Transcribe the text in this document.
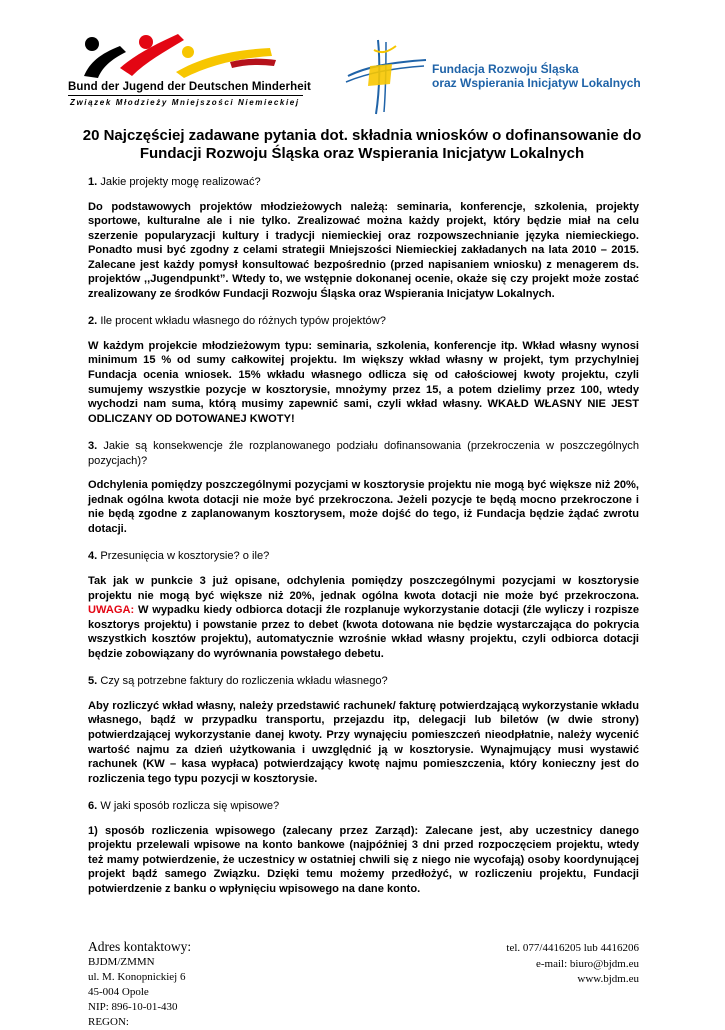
Bund der Jugend der Deutschen Minderheit
Związek Młodzieży Mniejszości Niemieckiej
Fundacja Rozwoju Śląska
oraz Wspierania Inicjatyw Lokalnych
20 Najczęściej zadawane pytania dot. składnia wniosków o dofinansowanie do
Fundacji Rozwoju Śląska oraz Wspierania Inicjatyw Lokalnych

1. Jakie projekty mogę realizować?

Do podstawowych projektów młodzieżowych należą: seminaria, konferencje, szkolenia, projekty sportowe, kulturalne ale i nie tylko. Zrealizować można każdy projekt, który będzie miał na celu szerzenie popularyzacji kultury i tradycji niemieckiej oraz rozpowszechnianie języka niemieckiego. Ponadto musi być zgodny z celami strategii Mniejszości Niemieckiej zakładanych na lata 2010 – 2015. Zalecane jest każdy pomysł konsultować bezpośrednio (przed napisaniem wniosku) z menagerem ds. projektów ,,Jugendpunkt”. Wtedy to, we wstępnie dokonanej ocenie, okaże się czy projekt może zostać zrealizowany ze środków Fundacji Rozwoju Śląska oraz Wspierania Inicjatyw Lokalnych.

2. Ile procent wkładu własnego do różnych typów projektów?

W każdym projekcie młodzieżowym typu: seminaria, szkolenia, konferencje itp. Wkład własny wynosi minimum 15 % od sumy całkowitej projektu. Im większy wkład własny w projekt, tym przychylniej Fundacja ocenia wniosek. 15% wkładu własnego odlicza się od całościowej kwoty projektu, czyli sumujemy wszystkie pozycje w kosztorysie, mnożymy przez 15, a potem dzielimy przez 100, wtedy wychodzi nam suma, którą musimy zapewnić sami, czyli wkład własny. WKAŁD WŁASNY NIE JEST ODLICZANY OD DOTOWANEJ KWOTY!

3. Jakie są konsekwencje źle rozplanowanego podziału dofinansowania (przekroczenia w poszczególnych pozycjach)?

Odchylenia pomiędzy poszczególnymi pozycjami w kosztorysie projektu nie mogą być większe niż 20%, jednak ogólna kwota dotacji nie może być przekroczona. Jeżeli pozycje te będą mocno przekroczone i nie będą zgodne z zaplanowanym kosztorysem, może dojść do tego, iż Fundacja będzie żądać zwrotu dotacji.

4. Przesunięcia w kosztorysie? o ile?

Tak jak w punkcie 3 już opisane, odchylenia pomiędzy poszczególnymi pozycjami w kosztorysie projektu nie mogą być większe niż 20%, jednak ogólna kwota dotacji nie może być przekroczona. UWAGA: W wypadku kiedy odbiorca dotacji źle rozplanuje wykorzystanie dotacji (źle wyliczy i rozpisze kosztorys projektu) i powstanie przez to debet (kwota dotowana nie będzie wystarczająca do pokrycia wszystkich kosztów projektu), automatycznie wzrośnie wkład własny projektu, czyli odbiorca dotacji będzie zobowiązany do wyrównania powstałego debetu.

5. Czy są potrzebne faktury do rozliczenia wkładu własnego?

Aby rozliczyć wkład własny, należy przedstawić rachunek/ fakturę potwierdzającą wykorzystanie wkładu własnego, bądź w przypadku transportu, przejazdu itp, delegacji lub biletów (w dwie strony) potwierdzającej wykorzystanie danej kwoty. Przy wynajęciu pomieszczeń nieodpłatnie, należy wycenić wartość najmu za dzień użytkowania i uwzględnić ją w kosztorysie. Wynajmujący musi wystawić rachunek (KW – kasa wypłaca) potwierdzający kwotę najmu pomieszczenia, który konieczny jest do rozliczenia tego typu pozycji w kosztorysie.

6. W jaki sposób rozlicza się wpisowe?

1) sposób rozliczenia wpisowego (zalecany przez Zarząd): Zalecane jest, aby uczestnicy danego projektu przelewali wpisowe na konto bankowe (najpóźniej 3 dni przed rozpoczęciem projektu, wtedy też mamy potwierdzenie, że uczestnicy w ostatniej chwili się z niego nie wycofają) osoby koordynującej projekt bądź samego Związku. Dzięki temu możemy przedłożyć, w rozliczeniu projektu, Fundacji potwierdzenie z banku o wpłynięciu wpisowego na dane konto.

Adres kontaktowy:
BJDM/ZMMN
ul. M. Konopnickiej 6
45-004 Opole
NIP: 896-10-01-430
REGON:
tel. 077/4416205 lub 4416206
e-mail: biuro@bjdm.eu
www.bjdm.eu
